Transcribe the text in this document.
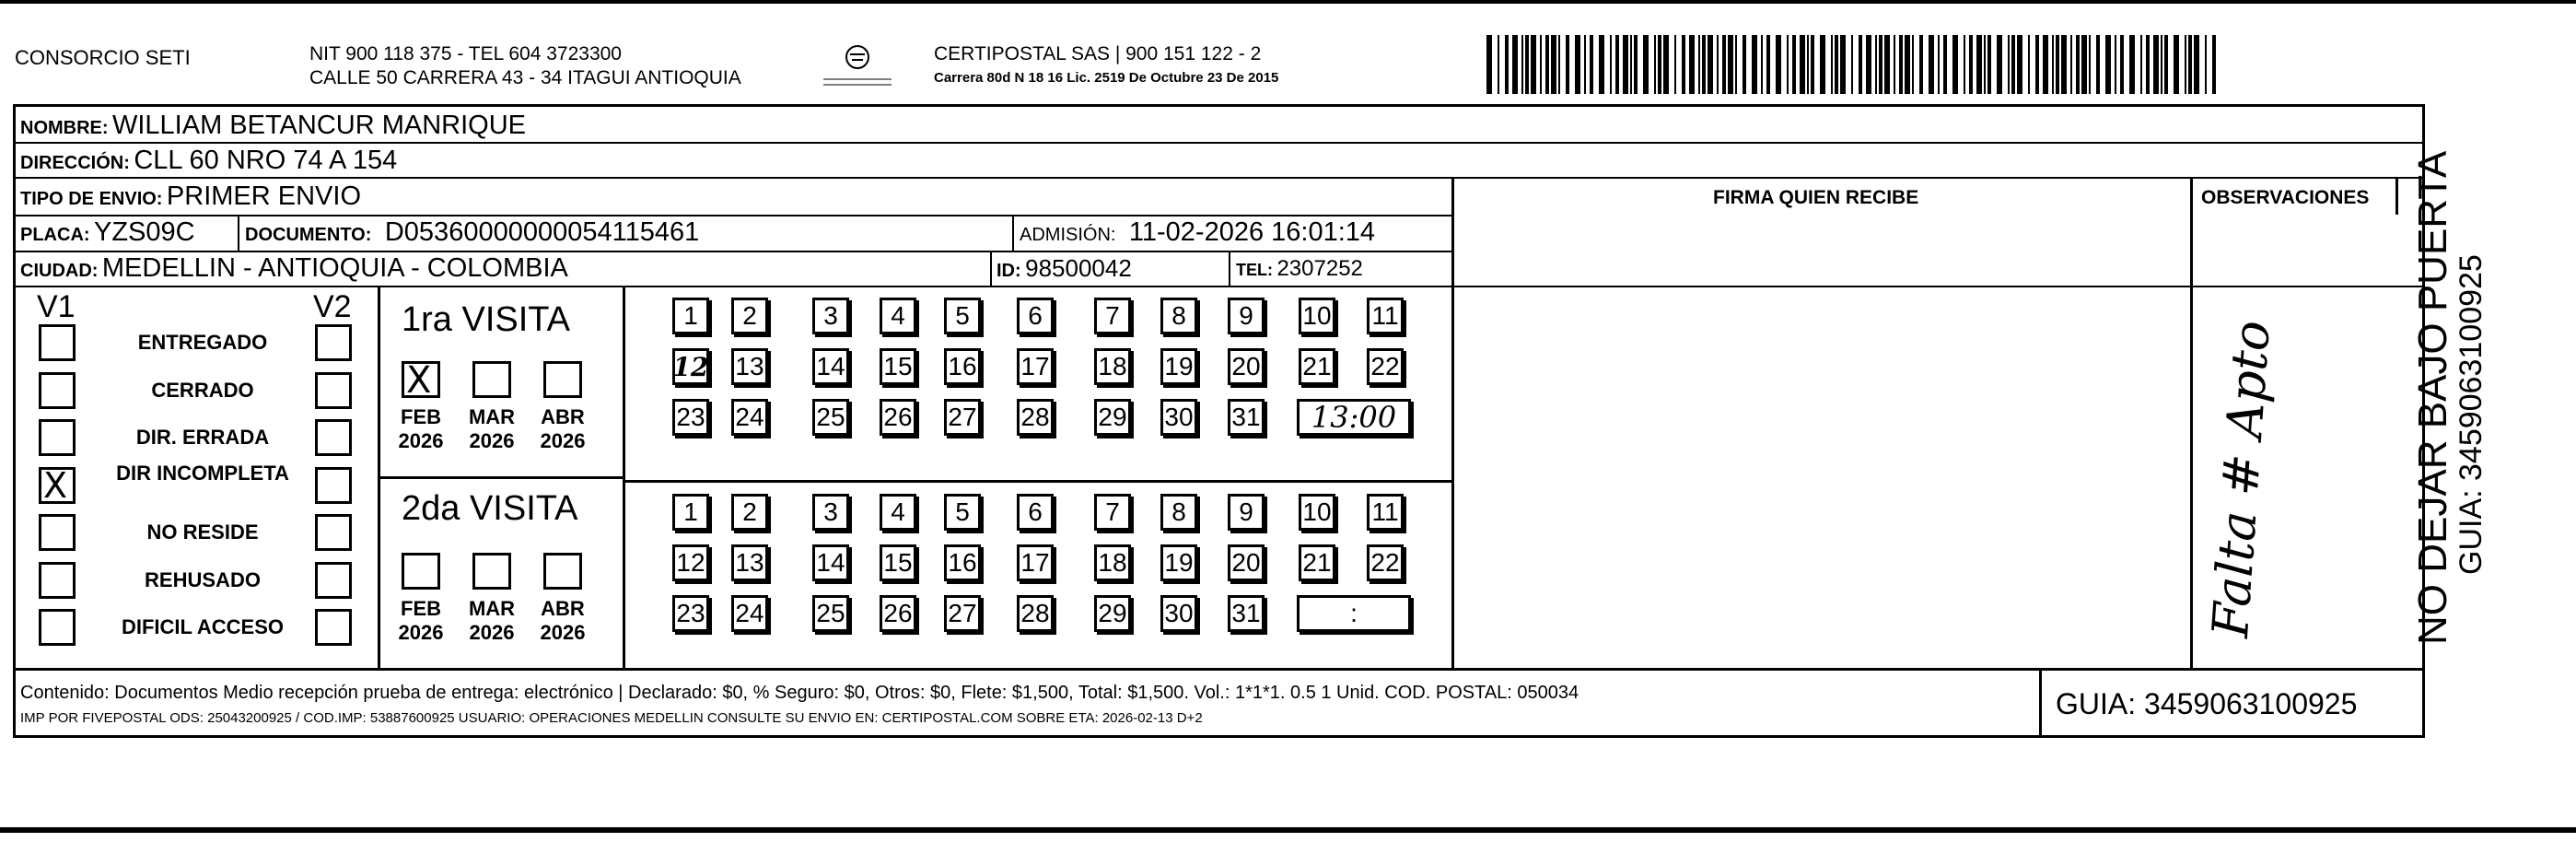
CONSORCIO SETI	NIT 900 118 375 - TEL 604 3723300
CALLE 50 CARRERA 43 - 34 ITAGUI ANTIOQUIA
CERTIPOSTAL SAS | 900 151 122 - 2
Carrera 80d N 18 16 Lic. 2519 De Octubre 23 De 2015
NOMBRE: WILLIAM BETANCUR MANRIQUE
DIRECCIÓN: CLL 60 NRO 74 A 154
TIPO DE ENVIO: PRIMER ENVIO	FIRMA QUIEN RECIBE	OBSERVACIONES
PLACA: YZS09C	DOCUMENTO: D05360000000054115461	ADMISIÓN: 11-02-2026 16:01:14
CIUDAD: MEDELLIN - ANTIOQUIA - COLOMBIA	ID: 98500042	TEL: 2307252
V1	V2
ENTREGADO
CERRADO
DIR. ERRADA
X	DIR INCOMPLETA
NO RESIDE
REHUSADO
DIFICIL ACCESO
1ra VISITA
X
FEB
2026
MAR
2026
ABR
2026
1 2	3 4 5 6 7 8 9 10 11
12 13 14 15 16 17 18 19 20 21 22
23 24 25 26 27 28 29 30 31 13:00
2da VISITA
FEB
2026
MAR
2026
ABR
2026
1 2	3 4 5 6 7 8 9 10 11
12 13 14 15 16 17 18 19 20 21 22
23 24 25 26 27 28 29 30 31	:	Falta # Apto	NO DEJAR BAJO PUERTA
GUIA: 3459063100925
Contenido: Documentos Medio recepción prueba de entrega: electrónico | Declarado: $0, % Seguro: $0, Otros: $0, Flete: $1,500, Total: $1,500. Vol.: 1*1*1. 0.5 1 Unid. COD. POSTAL: 050034
IMP POR FIVEPOSTAL ODS: 25043200925 / COD.IMP: 53887600925 USUARIO: OPERACIONES MEDELLIN CONSULTE SU ENVIO EN: CERTIPOSTAL.COM SOBRE ETA: 2026-02-13 D+2	GUIA: 3459063100925
